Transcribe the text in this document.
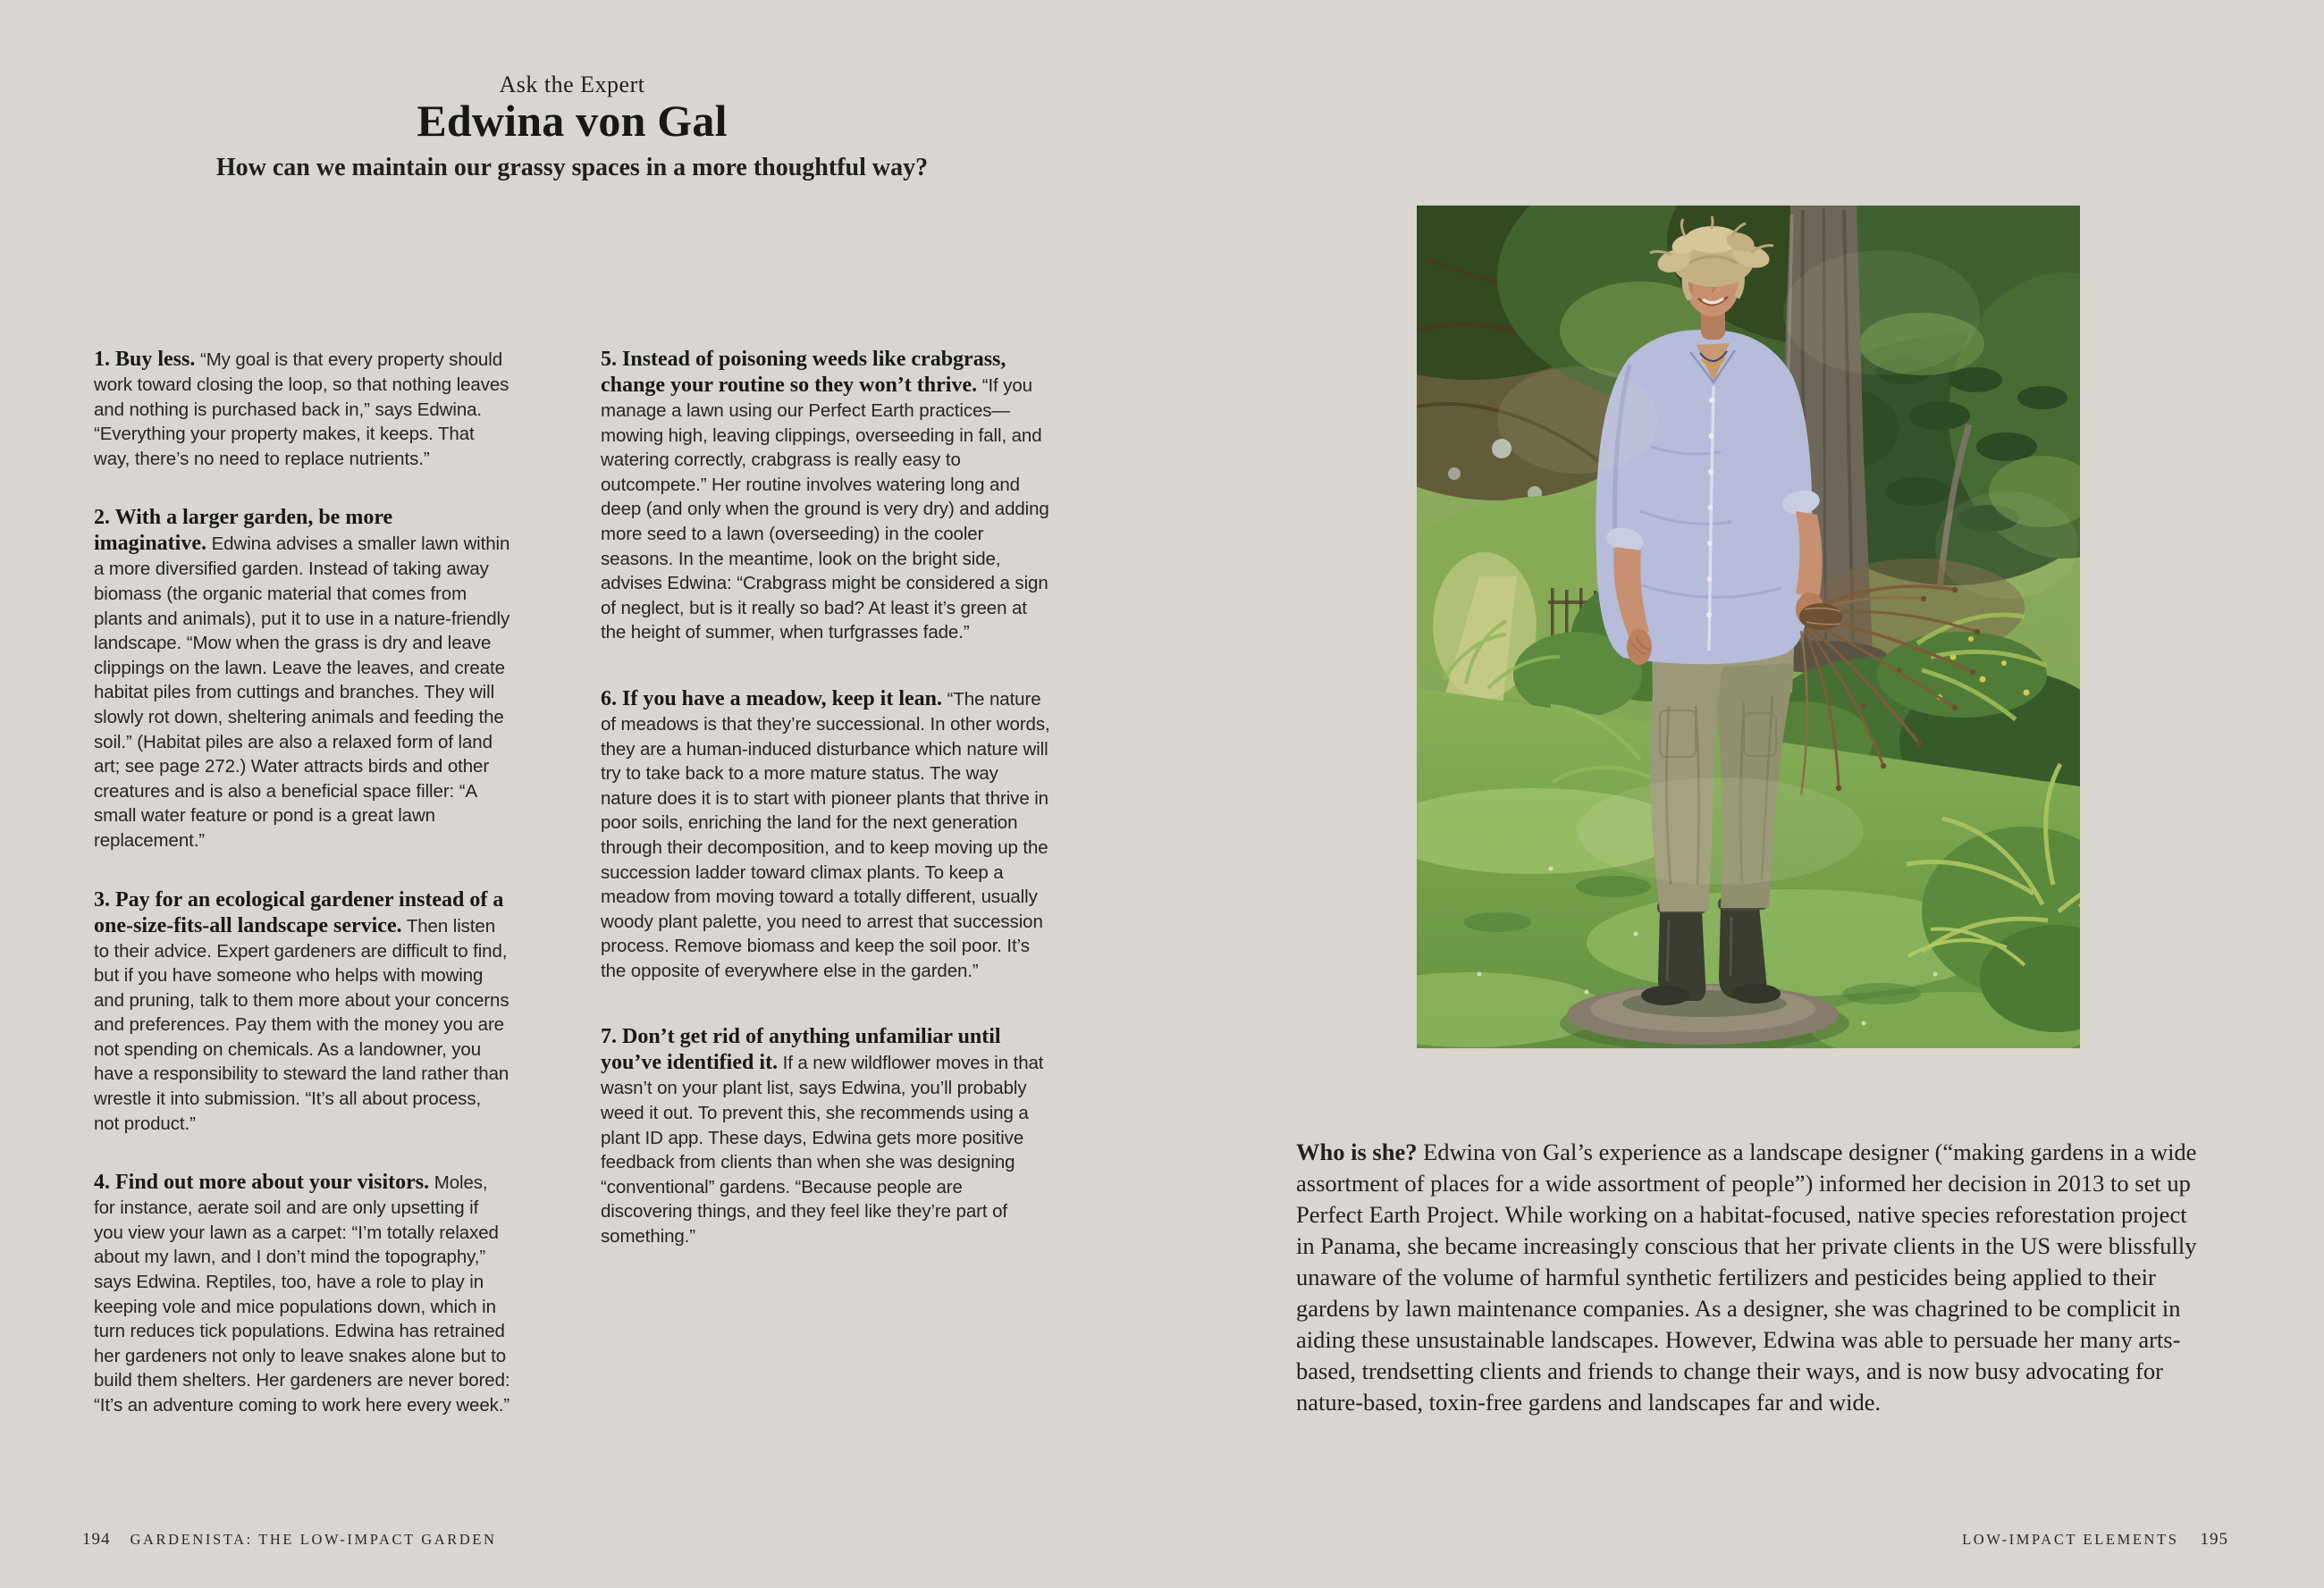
Ask the Expert

Edwina von Gal
How can we maintain our grassy spaces in a more thoughtful way?

1. Buy less. “My goal is that every property should work toward closing the loop, so that nothing leaves and nothing is purchased back in,” says Edwina. “Everything your property makes, it keeps. That way, there’s no need to replace nutrients.”

2. With a larger garden, be more imaginative. Edwina advises a smaller lawn within a more diversified garden. Instead of taking away biomass (the organic material that comes from plants and animals), put it to use in a nature-friendly landscape. “Mow when the grass is dry and leave clippings on the lawn. Leave the leaves, and create habitat piles from cuttings and branches. They will slowly rot down, sheltering animals and feeding the soil.” (Habitat piles are also a relaxed form of land art; see page 272.) Water attracts birds and other creatures and is also a beneficial space filler: “A small water feature or pond is a great lawn replacement.”

3. Pay for an ecological gardener instead of a one-size-fits-all landscape service. Then listen to their advice. Expert gardeners are difficult to find, but if you have someone who helps with mowing and pruning, talk to them more about your concerns and preferences. Pay them with the money you are not spending on chemicals. As a landowner, you have a responsibility to steward the land rather than wrestle it into submission. “It’s all about process, not product.”

4. Find out more about your visitors. Moles, for instance, aerate soil and are only upsetting if you view your lawn as a carpet: “I’m totally relaxed about my lawn, and I don’t mind the topography,” says Edwina. Reptiles, too, have a role to play in keeping vole and mice populations down, which in turn reduces tick populations. Edwina has retrained her gardeners not only to leave snakes alone but to build them shelters. Her gardeners are never bored: “It’s an adventure coming to work here every week.”

5. Instead of poisoning weeds like crabgrass, change your routine so they won’t thrive. “If you manage a lawn using our Perfect Earth practices—mowing high, leaving clippings, overseeding in fall, and watering correctly, crabgrass is really easy to outcompete.” Her routine involves watering long and deep (and only when the ground is very dry) and adding more seed to a lawn (overseeding) in the cooler seasons. In the meantime, look on the bright side, advises Edwina: “Crabgrass might be considered a sign of neglect, but is it really so bad? At least it’s green at the height of summer, when turfgrasses fade.”

6. If you have a meadow, keep it lean. “The nature of meadows is that they’re successional. In other words, they are a human-induced disturbance which nature will try to take back to a more mature status. The way nature does it is to start with pioneer plants that thrive in poor soils, enriching the land for the next generation through their decomposition, and to keep moving up the succession ladder toward climax plants. To keep a meadow from moving toward a totally different, usually woody plant palette, you need to arrest that succession process. Remove biomass and keep the soil poor. It’s the opposite of everywhere else in the garden.”

7. Don’t get rid of anything unfamiliar until you’ve identified it. If a new wildflower moves in that wasn’t on your plant list, says Edwina, you’ll probably weed it out. To prevent this, she recommends using a plant ID app. These days, Edwina gets more positive feedback from clients than when she was designing “conventional” gardens. “Because people are discovering things, and they feel like they’re part of something.”

Who is she? Edwina von Gal’s experience as a landscape designer (“making gardens in a wide assortment of places for a wide assortment of people”) informed her decision in 2013 to set up Perfect Earth Project. While working on a habitat-focused, native species reforestation project in Panama, she became increasingly conscious that her private clients in the US were blissfully unaware of the volume of harmful synthetic fertilizers and pesticides being applied to their gardens by lawn maintenance companies. As a designer, she was chagrined to be complicit in aiding these unsustainable landscapes. However, Edwina was able to persuade her many arts-based, trendsetting clients and friends to change their ways, and is now busy advocating for nature-based, toxin-free gardens and landscapes far and wide.

194 GARDENISTA: THE LOW-IMPACT GARDEN	LOW-IMPACT ELEMENTS 195
